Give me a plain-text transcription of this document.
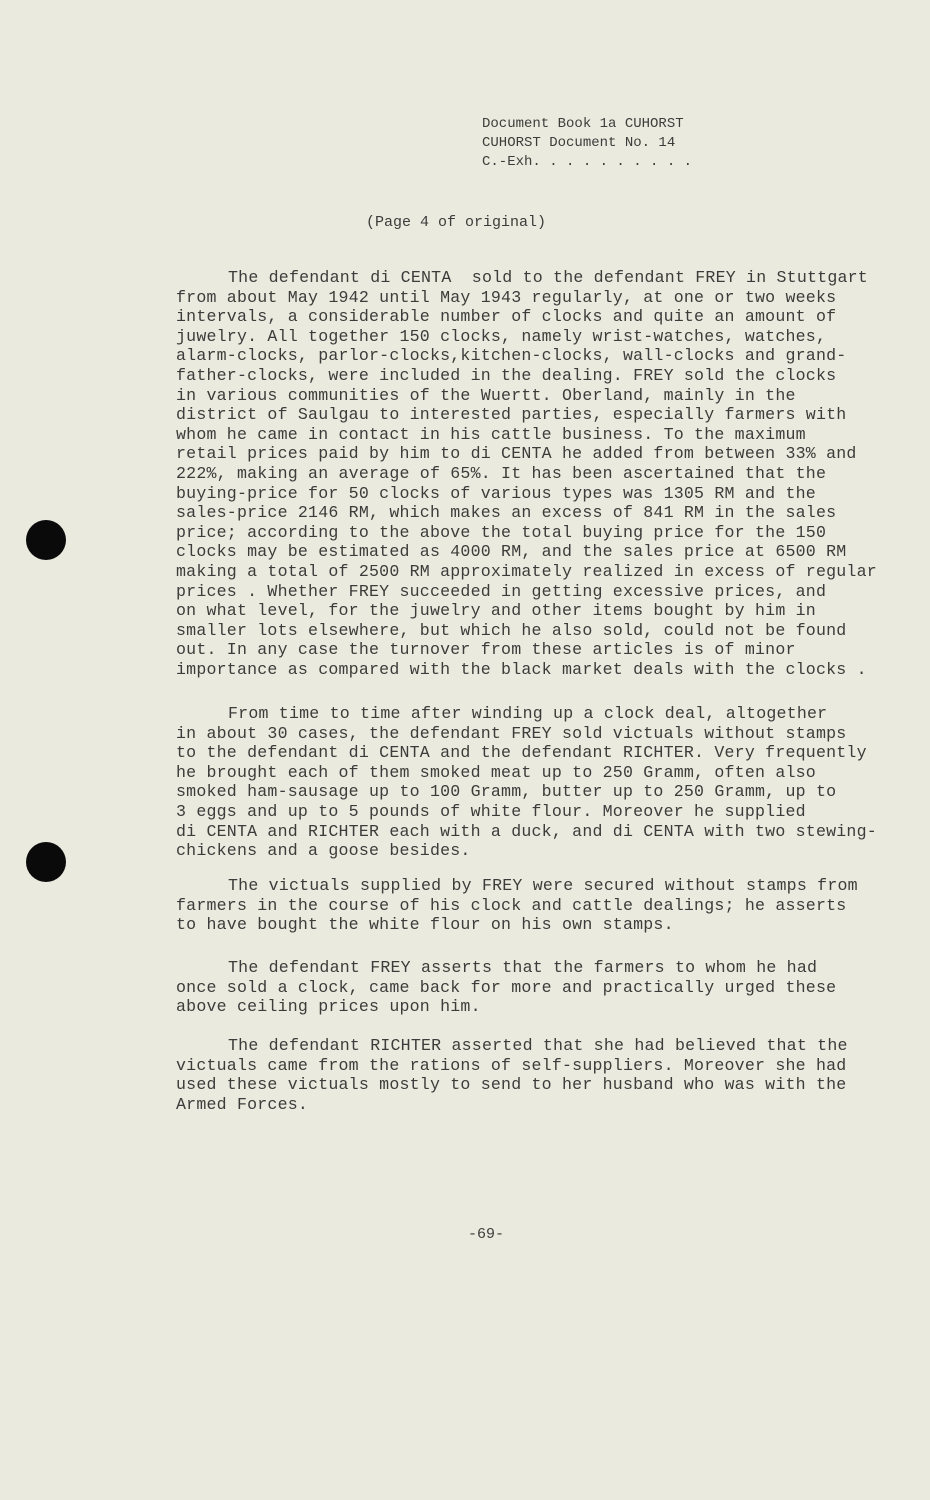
Document Book 1a CUHORST
CUHORST Document No. 14
C.-Exh. . . . . . . . . .
(Page 4 of original)
The defendant di CENTA  sold to the defendant FREY in Stuttgart
from about May 1942 until May 1943 regularly, at one or two weeks
intervals, a considerable number of clocks and quite an amount of
juwelry. All together 150 clocks, namely wrist-watches, watches,
alarm-clocks, parlor-clocks,kitchen-clocks, wall-clocks and grand-
father-clocks, were included in the dealing. FREY sold the clocks
in various communities of the Wuertt. Oberland, mainly in the
district of Saulgau to interested parties, especially farmers with
whom he came in contact in his cattle business. To the maximum
retail prices paid by him to di CENTA he added from between 33% and
222%, making an average of 65%. It has been ascertained that the
buying-price for 50 clocks of various types was 1305 RM and the
sales-price 2146 RM, which makes an excess of 841 RM in the sales
price; according to the above the total buying price for the 150
clocks may be estimated as 4000 RM, and the sales price at 6500 RM
making a total of 2500 RM approximately realized in excess of regular
prices . Whether FREY succeeded in getting excessive prices, and
on what level, for the juwelry and other items bought by him in
smaller lots elsewhere, but which he also sold, could not be found
out. In any case the turnover from these articles is of minor
importance as compared with the black market deals with the clocks .
From time to time after winding up a clock deal, altogether
in about 30 cases, the defendant FREY sold victuals without stamps
to the defendant di CENTA and the defendant RICHTER. Very frequently
he brought each of them smoked meat up to 250 Gramm, often also
smoked ham-sausage up to 100 Gramm, butter up to 250 Gramm, up to
3 eggs and up to 5 pounds of white flour. Moreover he supplied
di CENTA and RICHTER each with a duck, and di CENTA with two stewing-
chickens and a goose besides.
The victuals supplied by FREY were secured without stamps from
farmers in the course of his clock and cattle dealings; he asserts
to have bought the white flour on his own stamps.
The defendant FREY asserts that the farmers to whom he had
once sold a clock, came back for more and practically urged these
above ceiling prices upon him.
The defendant RICHTER asserted that she had believed that the
victuals came from the rations of self-suppliers. Moreover she had
used these victuals mostly to send to her husband who was with the
Armed Forces.
-69-
